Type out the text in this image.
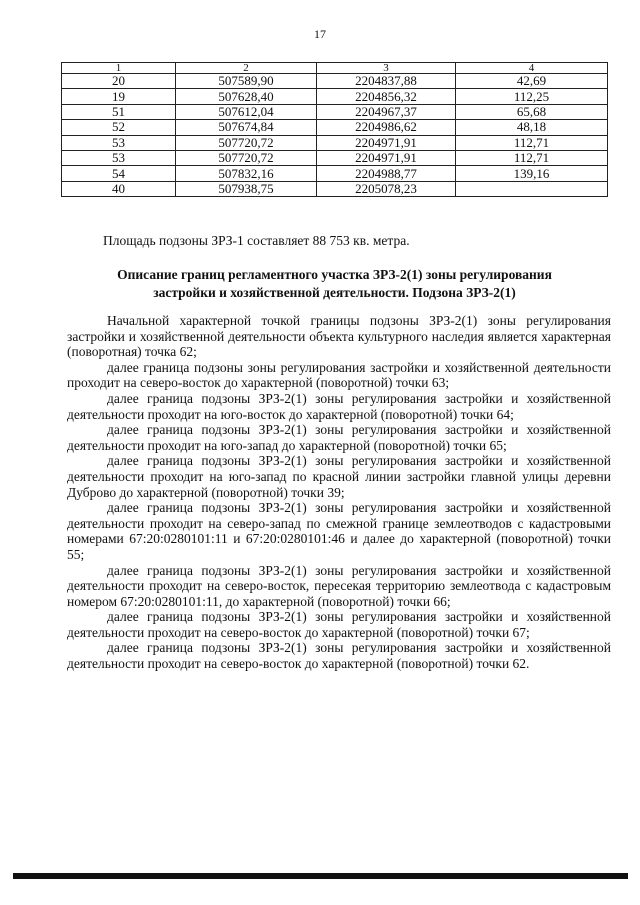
17
1	2	3	4
20	507589,90	2204837,88	42,69
19	507628,40	2204856,32	112,25
51	507612,04	2204967,37	65,68
52	507674,84	2204986,62	48,18
53	507720,72	2204971,91	112,71
53	507720,72	2204971,91	112,71
54	507832,16	2204988,77	139,16
40	507938,75	2205078,23	
Площадь подзоны ЗРЗ-1 составляет 88 753 кв. метра.
Описание границ регламентного участка ЗРЗ-2(1) зоны регулирования
застройки и хозяйственной деятельности. Подзона ЗРЗ-2(1)

Начальной характерной точкой границы подзоны ЗРЗ-2(1) зоны регулирования застройки и хозяйственной деятельности объекта культурного наследия является характерная (поворотная) точка 62;

далее граница подзоны зоны регулирования застройки и хозяйственной деятельности проходит на северо-восток до характерной (поворотной) точки 63;

далее граница подзоны ЗРЗ-2(1) зоны регулирования застройки и хозяйственной деятельности проходит на юго-восток до характерной (поворотной) точки 64;

далее граница подзоны ЗРЗ-2(1) зоны регулирования застройки и хозяйственной деятельности проходит на юго-запад до характерной (поворотной) точки 65;

далее граница подзоны ЗРЗ-2(1) зоны регулирования застройки и хозяйственной деятельности проходит на юго-запад по красной линии застройки главной улицы деревни Дуброво до характерной (поворотной) точки 39;

далее граница подзоны ЗРЗ-2(1) зоны регулирования застройки и хозяйственной деятельности проходит на северо-запад по смежной границе землеотводов с кадастровыми номерами 67:20:0280101:11 и 67:20:0280101:46 и далее до характерной (поворотной) точки 55;

далее граница подзоны ЗРЗ-2(1) зоны регулирования застройки и хозяйственной деятельности проходит на северо-восток, пересекая территорию землеотвода с кадастровым номером 67:20:0280101:11, до характерной (поворотной) точки 66;

далее граница подзоны ЗРЗ-2(1) зоны регулирования застройки и хозяйственной деятельности проходит на северо-восток до характерной (поворотной) точки 67;

далее граница подзоны ЗРЗ-2(1) зоны регулирования застройки и хозяйственной деятельности проходит на северо-восток до характерной (поворотной) точки 62.
